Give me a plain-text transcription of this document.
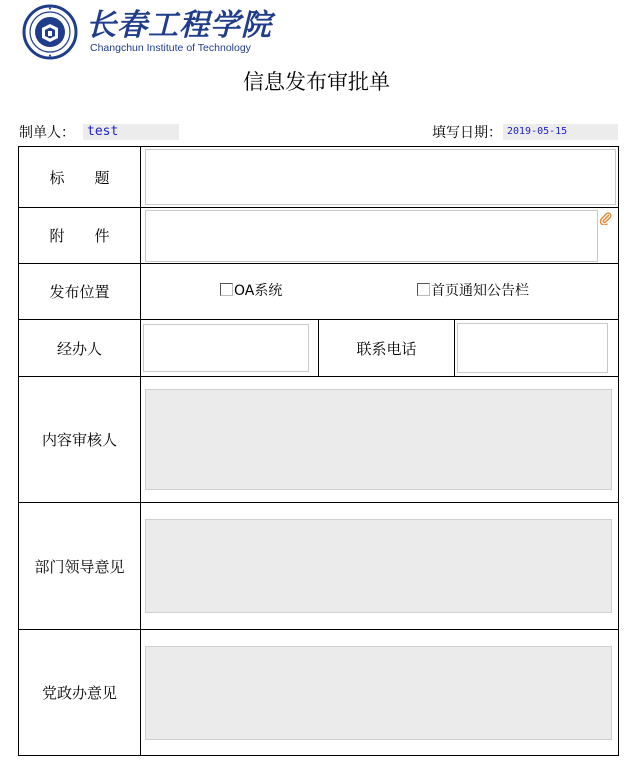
长春工程学院
Changchun Institute of Technology
信息发布审批单
制单人： test	填写日期： 2019-05-15
标　　题			

附　　件	

发布位置	OA系统 首页通知公告栏		

经办人		联系电话	

内容审核人			

部门领导意见			

党政办意见			
